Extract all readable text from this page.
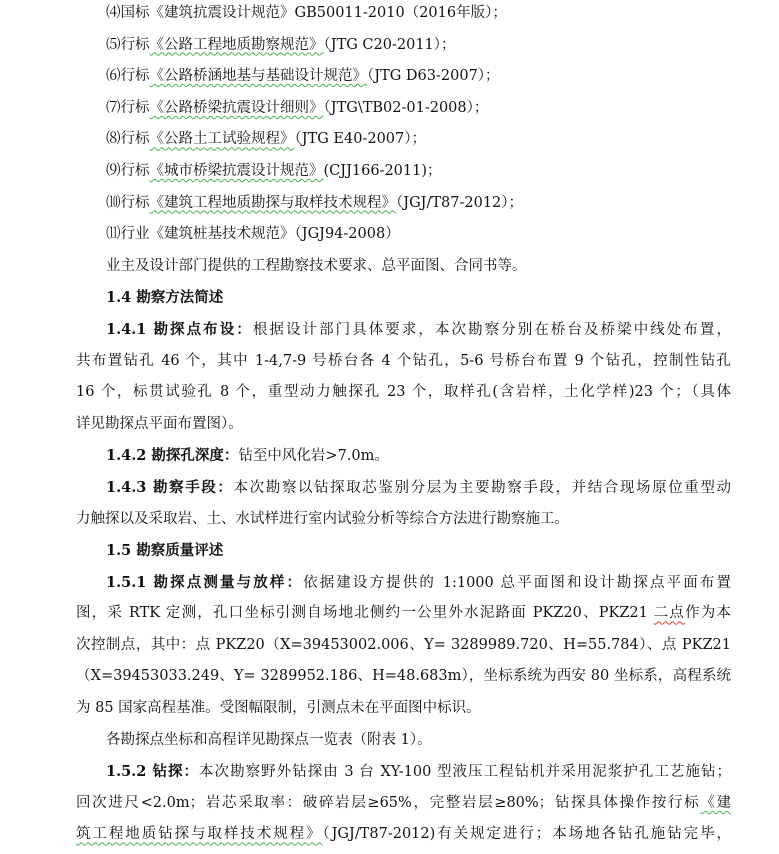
⑷国标《建筑抗震设计规范》GB50011-2010（2016年版）；
⑸行标《公路工程地质勘察规范》（JTG C20-2011）；
⑹行标《公路桥涵地基与基础设计规范》（JTG D63-2007）；
⑺行标《公路桥梁抗震设计细则》（JTG\TB02-01-2008）；
⑻行标《公路土工试验规程》（JTG E40-2007）；
⑼行标《城市桥梁抗震设计规范》(CJJ166-2011)；
⑽行标《建筑工程地质勘探与取样技术规程》（JGJ/T87-2012）；
⑾行业《建筑桩基技术规范》（JGJ94-2008）
业主及设计部门提供的工程勘察技术要求、总平面图、合同书等。
1.4 勘察方法简述
1.4.1 勘探点布设：根据设计部门具体要求，本次勘察分别在桥台及桥梁中线处布置，
共布置钻孔 46 个，其中 1-4,7-9 号桥台各 4 个钻孔，5-6 号桥台布置 9 个钻孔，控制性钻孔
16 个，标贯试验孔 8 个，重型动力触探孔 23 个，取样孔(含岩样，土化学样)23 个；（具体
详见勘探点平面布置图）。
1.4.2 勘探孔深度：钻至中风化岩>7.0m。
1.4.3 勘察手段：本次勘察以钻探取芯鉴别分层为主要勘察手段，并结合现场原位重型动
力触探以及采取岩、土、水试样进行室内试验分析等综合方法进行勘察施工。
1.5 勘察质量评述
1.5.1 勘探点测量与放样：依据建设方提供的 1:1000 总平面图和设计勘探点平面布置
图，采 RTK 定测，孔口坐标引测自场地北侧约一公里外水泥路面 PKZ20、PKZ21 二点作为本
次控制点，其中：点 PKZ20（X=39453002.006、Y= 3289989.720、H=55.784）、点 PKZ21
（X=39453033.249、Y= 3289952.186、H=48.683m），坐标系统为西安 80 坐标系，高程系统
为 85 国家高程基准。受图幅限制，引测点未在平面图中标识。
各勘探点坐标和高程详见勘探点一览表（附表 1）。
1.5.2 钻探：本次勘察野外钻探由 3 台 XY-100 型液压工程钻机并采用泥浆护孔工艺施钻；
回次进尺<2.0m；岩芯采取率：破碎岩层≥65%，完整岩层≥80%；钻探具体操作按行标《建
筑工程地质钻探与取样技术规程》（JGJ/T87-2012)有关规定进行；本场地各钻孔施钻完毕，
